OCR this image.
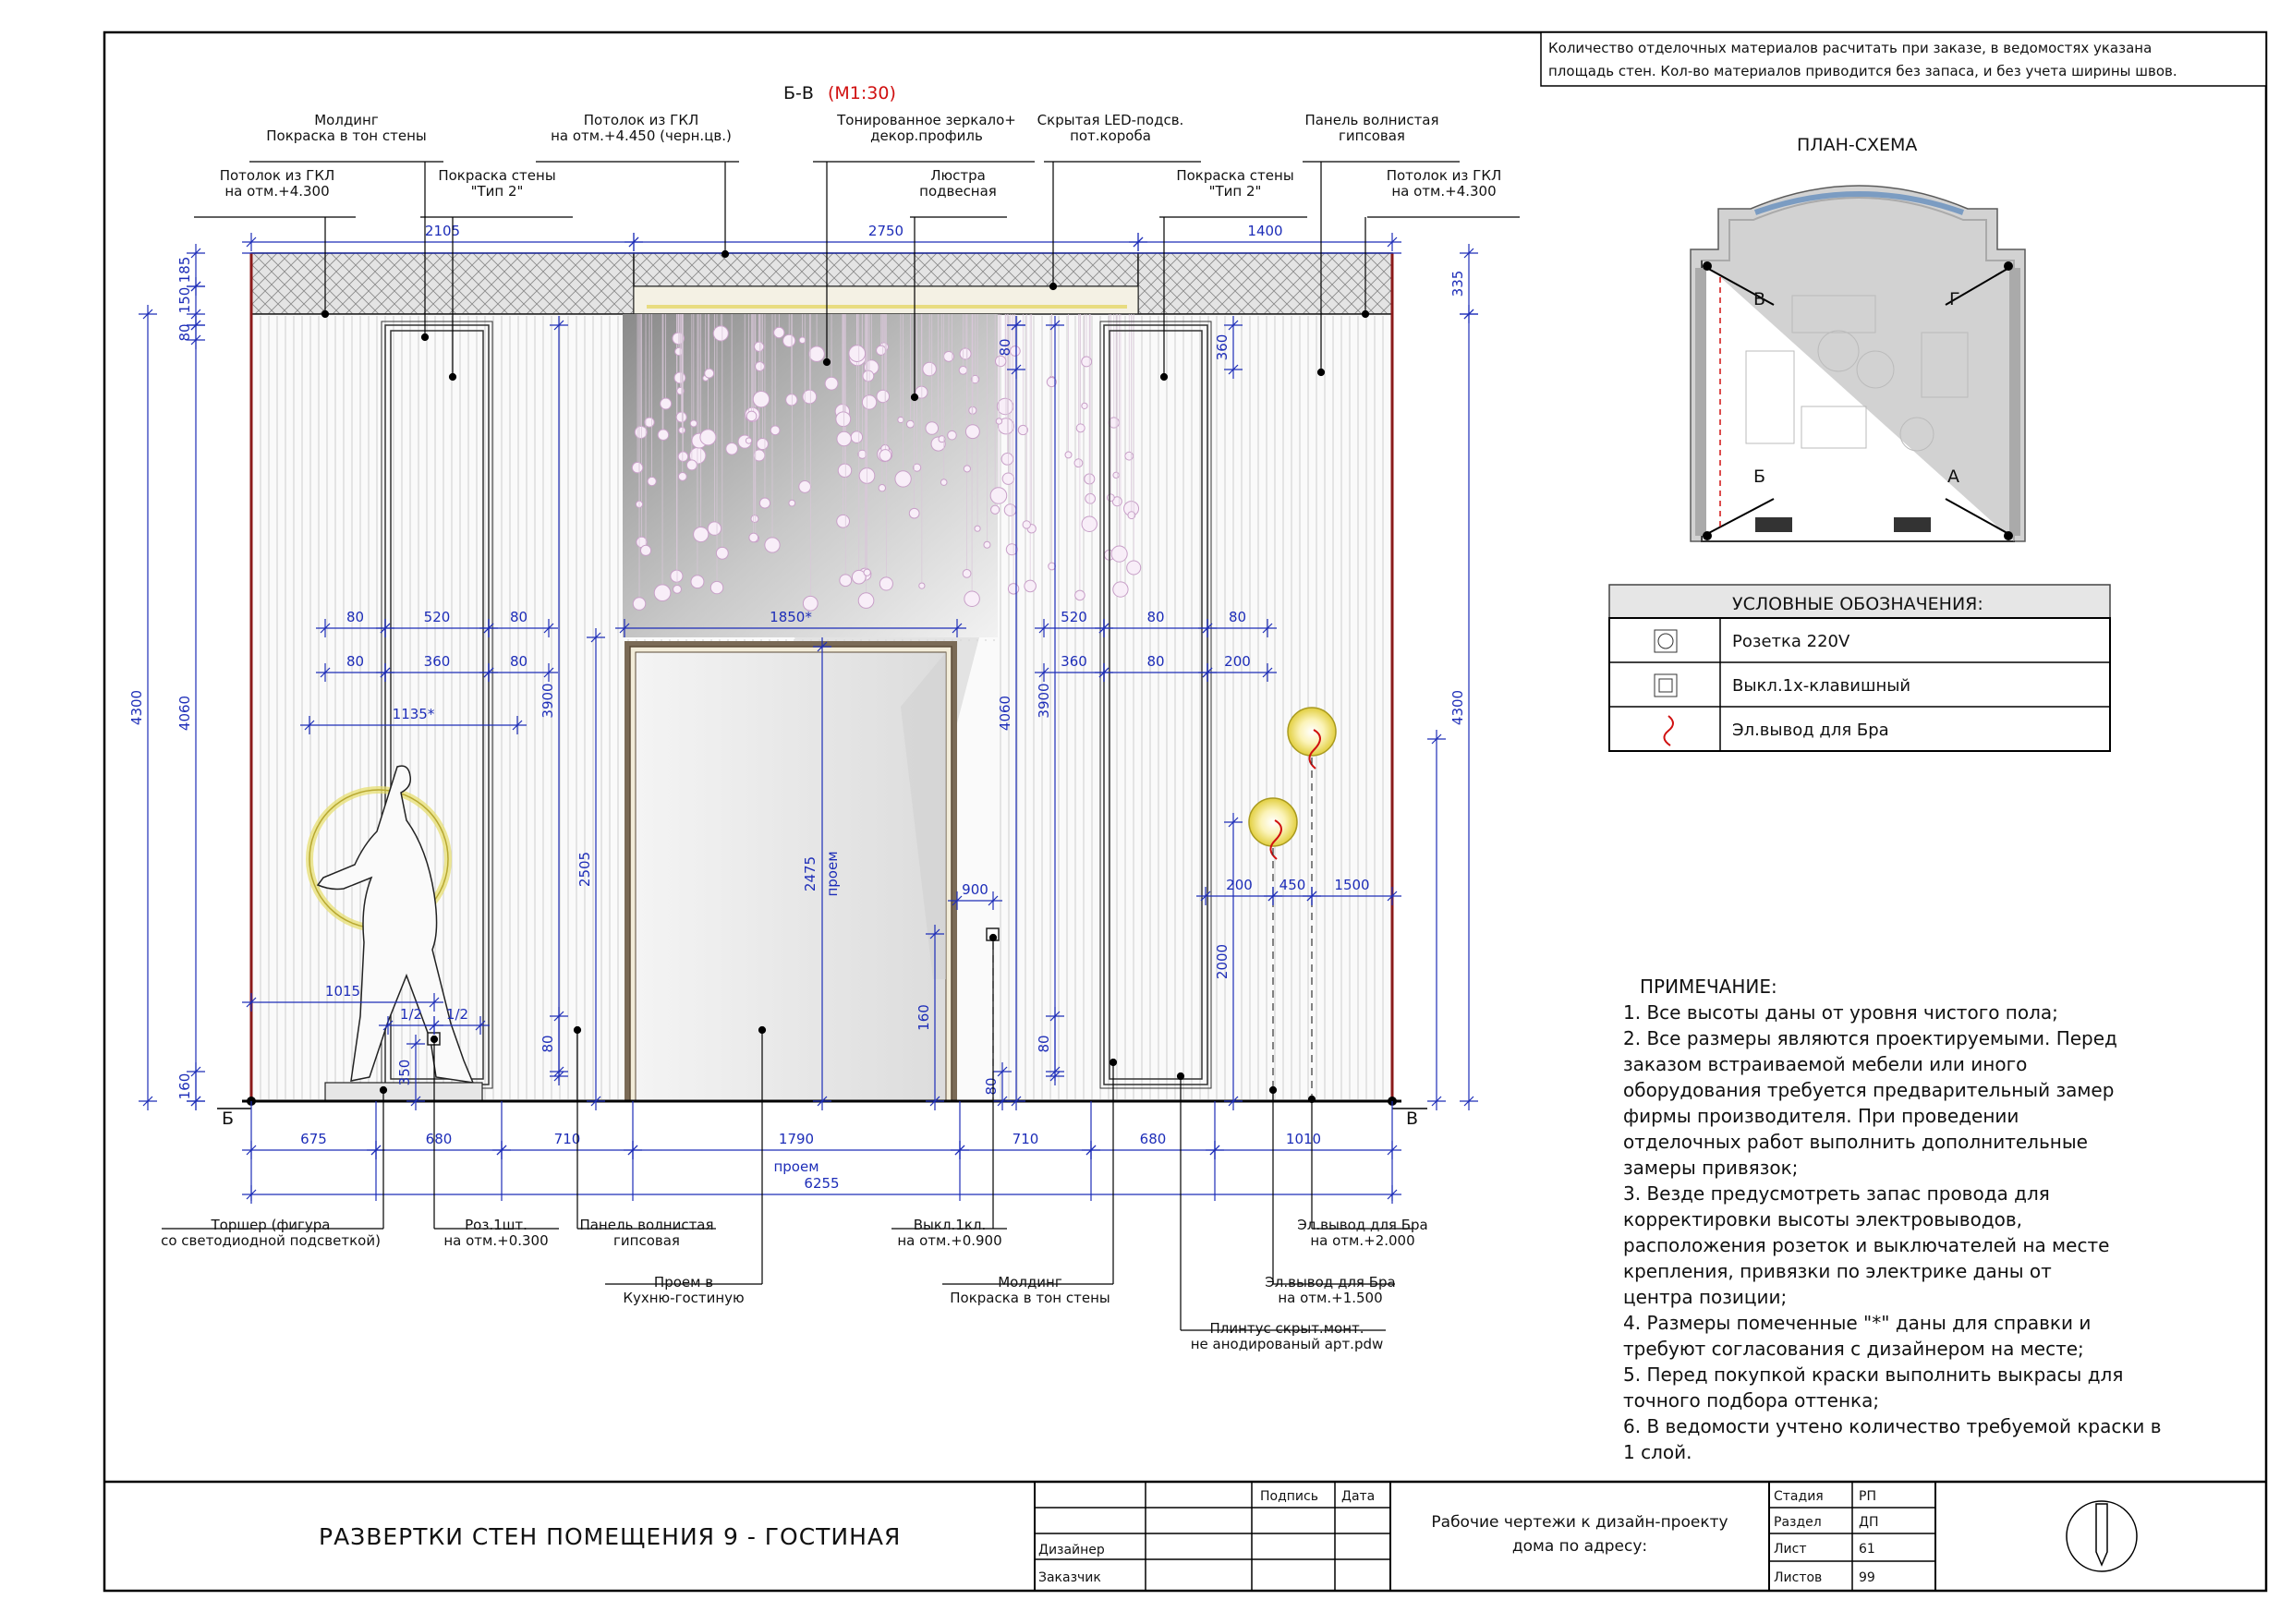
Количество отделочных материалов расчитать при заказе, в ведомостях указана
площадь стен. Кол-во материалов приводится без запаса, и без учета ширины швов.
Б-В (М1:30)
Б	В
2105	2750	1400
4300 4060
150
185
80
160
335
4300
80	520	80
80	360	80
1135*	3900
2505
1015
1/2 1/2
80
350
1850*
2475 проем
4060 3900
80
520	80	80
360	80	200
900
160
80
80
360
200 450 1500
2000
675	680	710	1790	710	680	1010
проем
6255
Молдинг
Покраска в тон стены
Потолок из ГКЛ
на отм.+4.450 (черн.цв.)
Тонированное зеркало+
декор.профиль
Скрытая LED-подсв.
пот.короба
Панель волнистая
гипсовая
Потолок из ГКЛ
на отм.+4.300
Покраска стены
"Тип 2"
Люстра
подвесная
Покраска стены
"Тип 2"
Потолок из ГКЛ
на отм.+4.300
Торшер (фигура
со светодиодной подсветкой)
Роз.1шт.
на отм.+0.300
Панель волнистая
гипсовая
Проем в
Кухню-гостиную
Выкл.1кл.
на отм.+0.900
Молдинг
Покраска в тон стены
Плинтус скрыт.монт.
не анодированый арт.pdw
Эл.вывод для Бра
на отм.+1.500
Эл.вывод для Бра
на отм.+2.000
ПЛАН-СХЕМА
В	Г
Б	А
УСЛОВНЫЕ ОБОЗНАЧЕНИЯ:
Розетка 220V
Выкл.1х-клавишный
Эл.вывод для Бра
ПРИМЕЧАНИЕ:
1. Все высоты даны от уровня чистого пола;
2. Все размеры являются проектируемыми. Перед
заказом встраиваемой мебели или иного
оборудования требуется предварительный замер
фирмы производителя. При проведении
отделочных работ выполнить дополнительные
замеры привязок;
3. Везде предусмотреть запас провода для
корректировки высоты электровыводов,
расположения розеток и выключателей на месте
крепления, привязки по электрике даны от
центра позиции;
4. Размеры помеченные "*" даны для справки и
требуют согласования с дизайнером на месте;
5. Перед покупкой краски выполнить выкрасы для
точного подбора оттенка;
6. В ведомости учтено количество требуемой краски в
1 слой.
РАЗВЕРТКИ СТЕН ПОМЕЩЕНИЯ 9 - ГОСТИНАЯ
Подпись Дата
Дизайнер
Заказчик
Рабочие чертежи к дизайн-проекту
дома по адресу:
Стадия	РП
Раздел	ДП
Лист	61
Листов	99
